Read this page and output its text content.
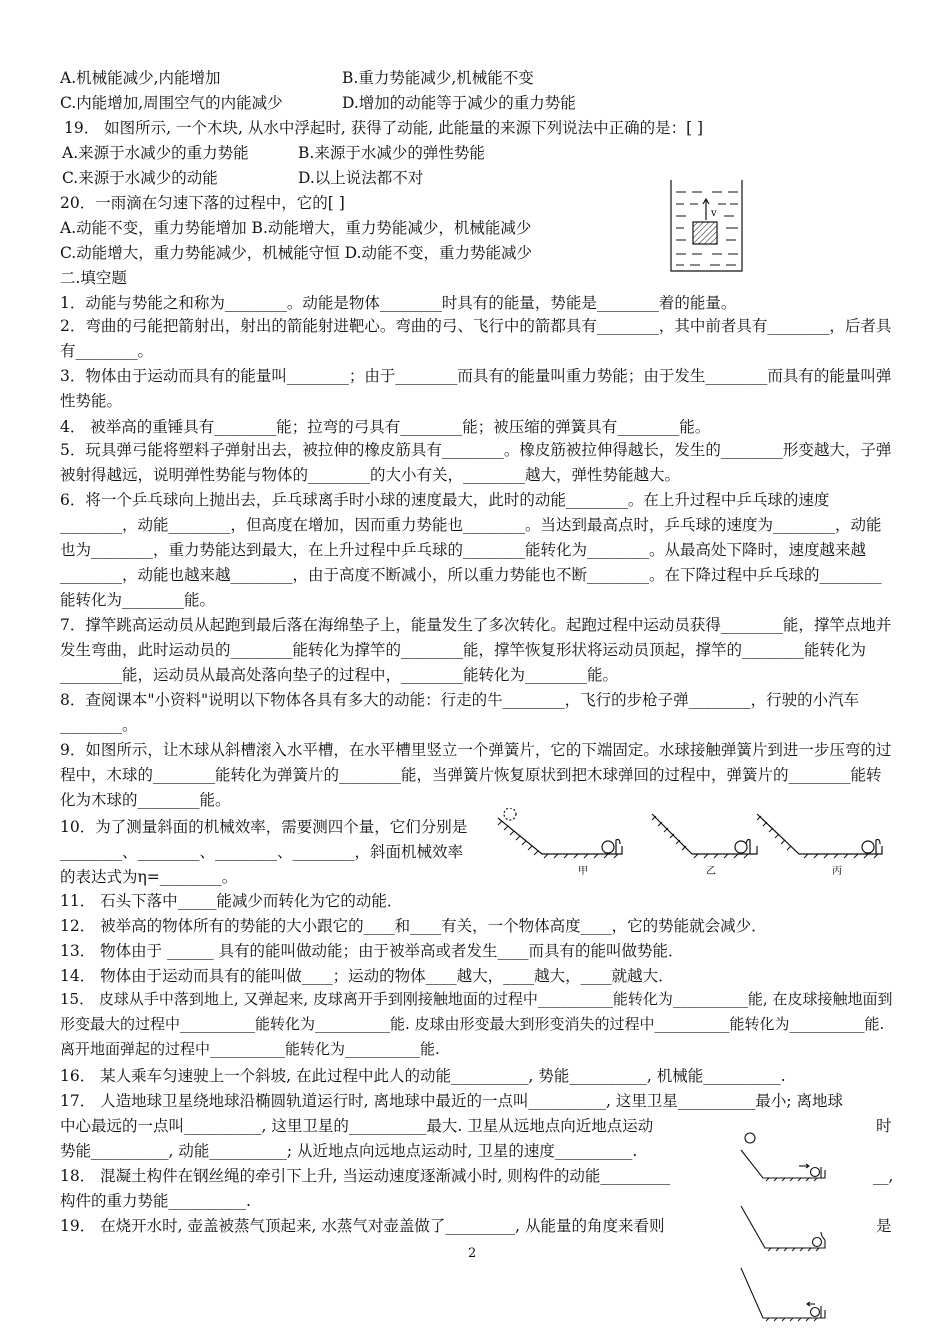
A.机械能减少,内能增加	B.重力势能减少,机械能不变
C.内能增加,周围空气的内能减少	D.增加的动能等于减少的重力势能
19． 如图所示, 一个木块, 从水中浮起时, 获得了动能, 此能量的来源下列说法中正确的是：[ ]
A.来源于水减少的重力势能	B.来源于水减少的弹性势能
C.来源于水减少的动能	D.以上说法都不对
20．一雨滴在匀速下落的过程中，它的[ ]
A.动能不变，重力势能增加 B.动能增大，重力势能减少，机械能减少
C.动能增大，重力势能减少，机械能守恒 D.动能不变，重力势能减少
v
二.填空题
1．动能与势能之和称为________。动能是物体________时具有的能量，势能是________着的能量。
2．弯曲的弓能把箭射出，射出的箭能射进靶心。弯曲的弓、飞行中的箭都具有________，其中前者具有________，后者具有________。
3．物体由于运动而具有的能量叫________；由于________而具有的能量叫重力势能；由于发生________而具有的能量叫弹性势能。
4． 被举高的重锤具有________能；拉弯的弓具有________能；被压缩的弹簧具有________能。
5．玩具弹弓能将塑料子弹射出去，被拉伸的橡皮筋具有________。橡皮筋被拉伸得越长，发生的________形变越大，子弹被射得越远，说明弹性势能与物体的________的大小有关，________越大，弹性势能越大。
6．将一个乒乓球向上抛出去，乒乓球离手时小球的速度最大，此时的动能________。在上升过程中乒乓球的速度________，动能________，但高度在增加，因而重力势能也________。当达到最高点时，乒乓球的速度为________，动能也为________，重力势能达到最大，在上升过程中乒乓球的________能转化为________。从最高处下降时，速度越来越________，动能也越来越________，由于高度不断减小，所以重力势能也不断________。在下降过程中乒乓球的________能转化为________能。
7．撑竿跳高运动员从起跑到最后落在海绵垫子上，能量发生了多次转化。起跑过程中运动员获得________能，撑竿点地并发生弯曲，此时运动员的________能转化为撑竿的________能，撑竿恢复形状将运动员顶起，撑竿的________能转化为________能，运动员从最高处落向垫子的过程中，________能转化为________能。
8．查阅课本"小资料"说明以下物体各具有多大的动能：行走的牛________，飞行的步枪子弹________，行驶的小汽车________。
9．如图所示，让木球从斜槽滚入水平槽，在水平槽里竖立一个弹簧片，它的下端固定。水球接触弹簧片到进一步压弯的过程中，木球的________能转化为弹簧片的________能，当弹簧片恢复原状到把木球弹回的过程中，弹簧片的________能转化为木球的________能。
10．为了测量斜面的机械效率，需要测四个量，它们分别是
________、________、________、________，斜面机械效率
的表达式为η=________。	甲	乙	丙
11． 石头下落中_____能减少而转化为它的动能．
12． 被举高的物体所有的势能的大小跟它的____和____有关，一个物体高度____，它的势能就会减少．
13． 物体由于 ______ 具有的能叫做动能；由于被举高或者发生____而具有的能叫做势能．
14． 物体由于运动而具有的能叫做____；运动的物体____越大，____越大，____就越大．
15． 皮球从手中落到地上, 又弹起来, 皮球离开手到刚接触地面的过程中__________能转化为__________能, 在皮球接触地面到形变最大的过程中__________能转化为__________能. 皮球由形变最大到形变消失的过程中__________能转化为__________能. 离开地面弹起的过程中__________能转化为__________能.
16． 某人乘车匀速驶上一个斜坡, 在此过程中此人的动能__________, 势能__________, 机械能__________.
17． 人造地球卫星绕地球沿椭圆轨道运行时, 离地球中最近的一点叫__________, 这里卫星__________最小; 离地球
中心最远的一点叫__________, 这里卫星的__________最大. 卫星从远地点向近地点运动	时
势能__________, 动能__________; 从近地点向远地点运动时, 卫星的速度__________.
18． 混凝土构件在钢丝绳的牵引下上升, 当运动速度逐渐减小时, 则构件的动能_________	__,
构件的重力势能__________.
19． 在烧开水时, 壶盖被蒸气顶起来, 水蒸气对壶盖做了_________, 从能量的角度来看则	是
2
